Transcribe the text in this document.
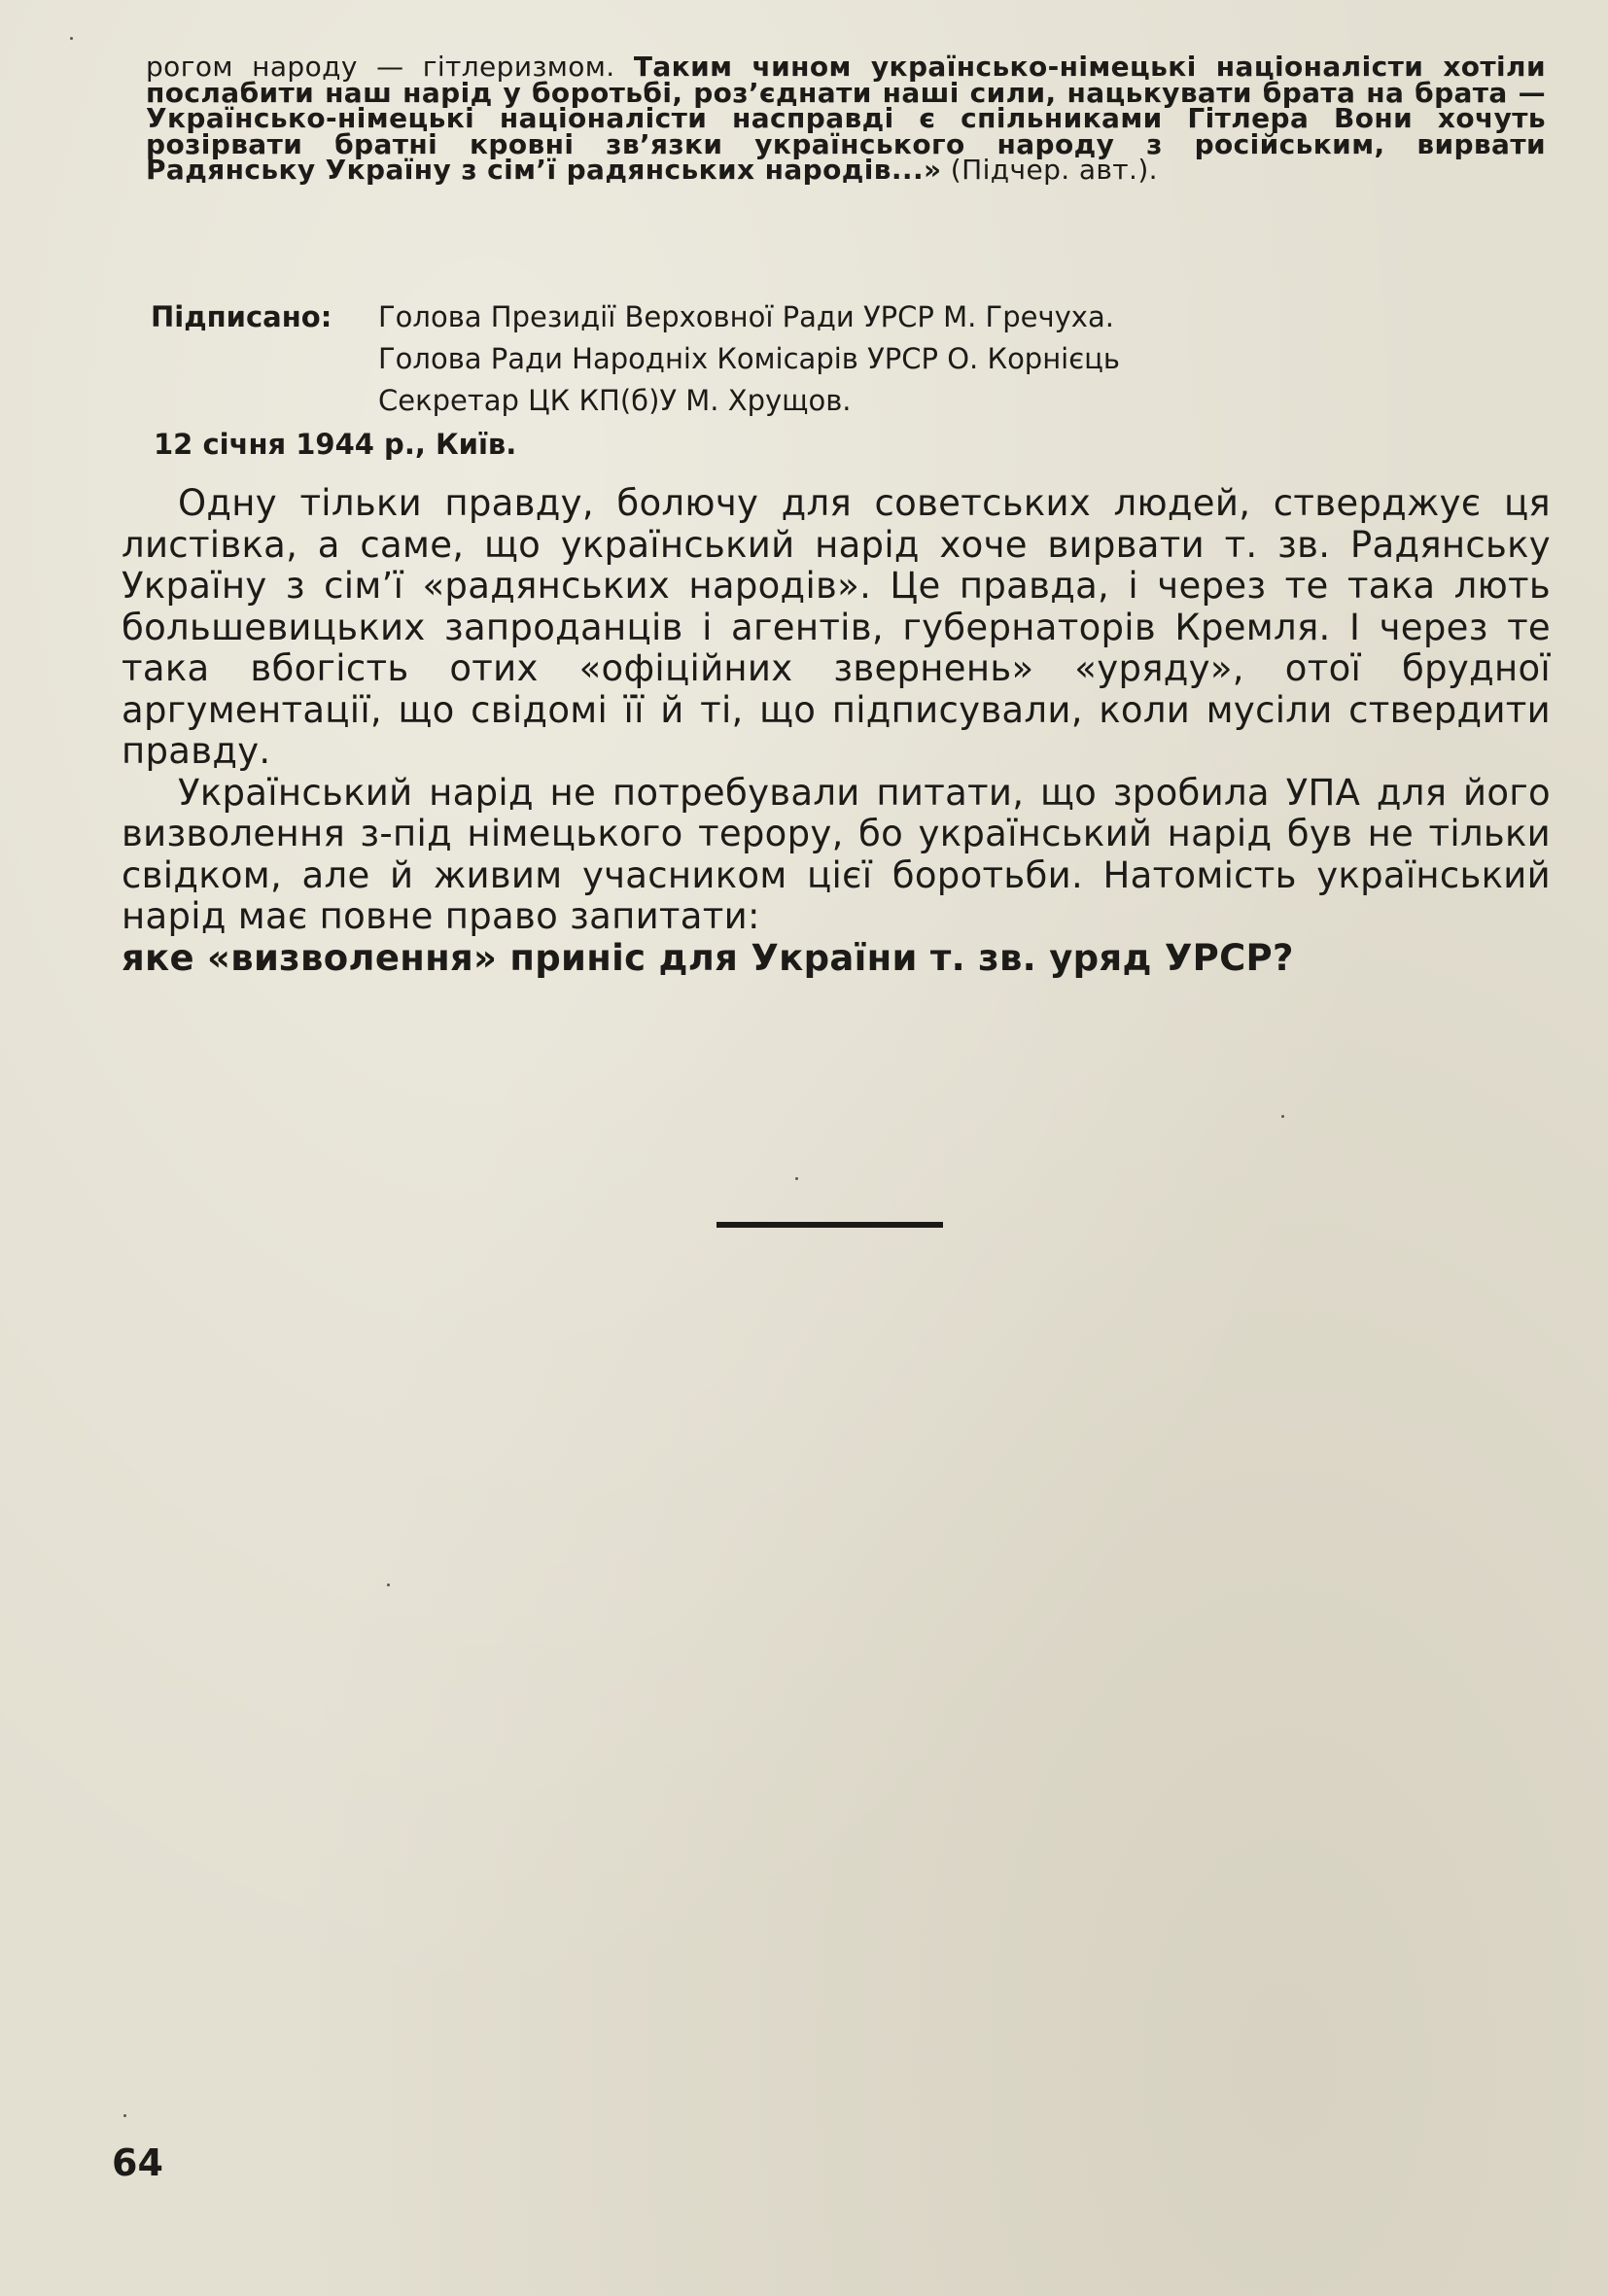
рогом народу — гітлеризмом. Таким чином українсько-німецькі націоналісти хотіли послабити наш нарід у боротьбі, роз’єднати наші сили, нацькувати брата на брата — Українсько-німецькі націоналісти насправді є спільниками Гітлера Вони хочуть розірвати братні кровні зв’язки українського народу з російським, вирвати Радянську Україну з сім’ї радянських народів...» (Підчер. авт.).

Підписано:	Голова Президії Верховної Ради УРСР М. Гречуха.
Голова Ради Народніх Комісарів УРСР О. Корнієць
Секретар ЦК КП(б)У М. Хрущов.
12 січня 1944 р., Київ.

Одну тільки правду, болючу для советських людей, стверджує ця листівка, а саме, що український нарід хоче вирвати т. зв. Радянську Україну з сім’ї «радянських народів». Це правда, і через те така лють большевицьких запроданців і агентів, губернаторів Кремля. І через те така вбогість отих «офіційних звернень» «уряду», отої брудної аргументації, що свідомі її й ті, що підписували, коли мусіли ствердити правду.

Український нарід не потребували питати, що зробила УПА для його визволення з-під німецького терору, бо український нарід був не тільки свідком, але й живим учасником цієї боротьби. Натомість український нарід має повне право запитати:
яке «визволення» приніс для України т. зв. уряд УРСР?

64
